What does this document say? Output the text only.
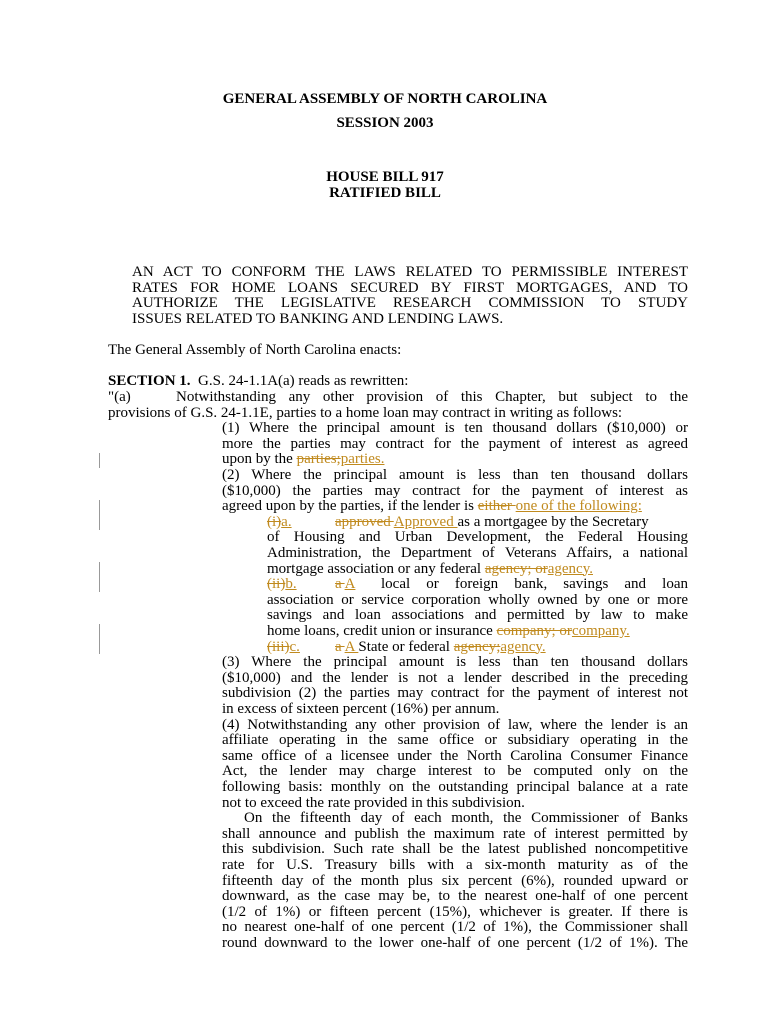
GENERAL ASSEMBLY OF NORTH CAROLINA
SESSION 2003
HOUSE BILL 917
RATIFIED BILL
AN ACT TO CONFORM THE LAWS RELATED TO PERMISSIBLE INTEREST
RATES FOR HOME LOANS SECURED BY FIRST MORTGAGES, AND TO
AUTHORIZE THE LEGISLATIVE RESEARCH COMMISSION TO STUDY
ISSUES RELATED TO BANKING AND LENDING LAWS.
The General Assembly of North Carolina enacts:
SECTION 1. G.S. 24-1.1A(a) reads as rewritten:
"(a)	Notwithstanding any other provision of this Chapter, but subject to the
provisions of G.S. 24-1.1E, parties to a home loan may contract in writing as follows:
(1) Where the principal amount is ten thousand dollars ($10,000) or
more the parties may contract for the payment of interest as agreed
upon by the parties;parties.
(2) Where the principal amount is less than ten thousand dollars
($10,000) the parties may contract for the payment of interest as
agreed upon by the parties, if the lender is either one of the following:
(i)a.	approved Approved as a mortgagee by the Secretary
of Housing and Urban Development, the Federal Housing
Administration, the Department of Veterans Affairs, a national
mortgage association or any federal agency; oragency.
(ii)b.	a A local or foreign bank, savings and loan
association or service corporation wholly owned by one or more
savings and loan associations and permitted by law to make
home loans, credit union or insurance company; orcompany.
(iii)c. a A State or federal agency;agency.
(3) Where the principal amount is less than ten thousand dollars
($10,000) and the lender is not a lender described in the preceding
subdivision (2) the parties may contract for the payment of interest not
in excess of sixteen percent (16%) per annum.
(4) Notwithstanding any other provision of law, where the lender is an
affiliate operating in the same office or subsidiary operating in the
same office of a licensee under the North Carolina Consumer Finance
Act, the lender may charge interest to be computed only on the
following basis: monthly on the outstanding principal balance at a rate
not to exceed the rate provided in this subdivision.
On the fifteenth day of each month, the Commissioner of Banks
shall announce and publish the maximum rate of interest permitted by
this subdivision. Such rate shall be the latest published noncompetitive
rate for U.S. Treasury bills with a six-month maturity as of the
fifteenth day of the month plus six percent (6%), rounded upward or
downward, as the case may be, to the nearest one-half of one percent
(1/2 of 1%) or fifteen percent (15%), whichever is greater. If there is
no nearest one-half of one percent (1/2 of 1%), the Commissioner shall
round downward to the lower one-half of one percent (1/2 of 1%). The
